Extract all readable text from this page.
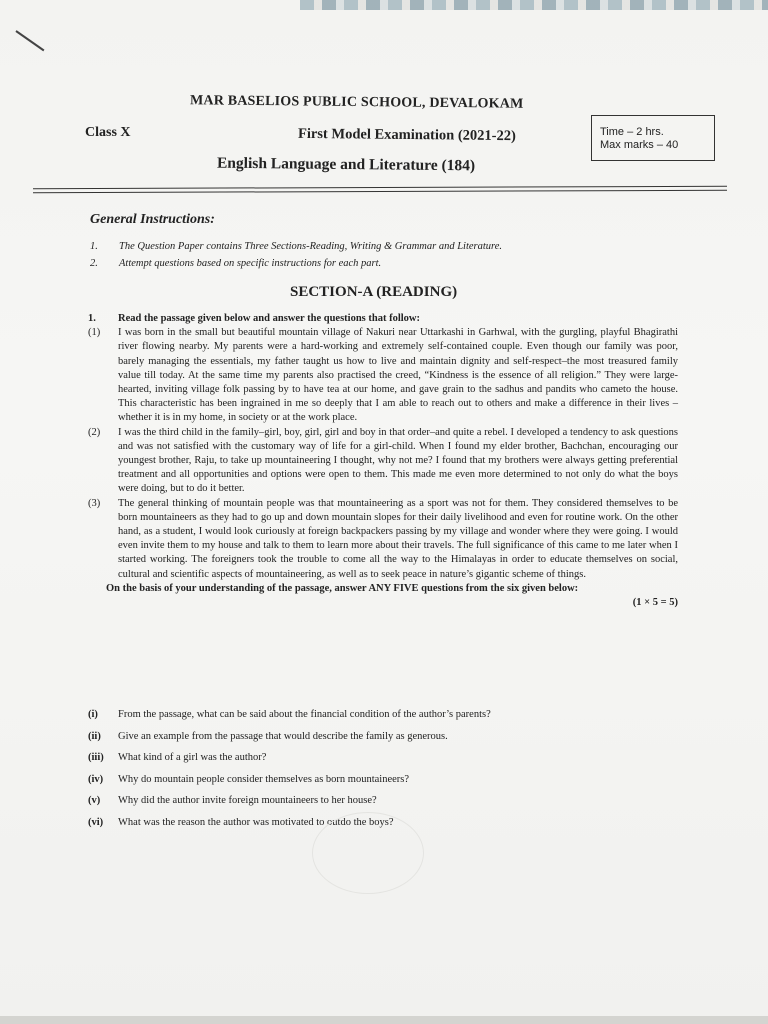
MAR BASELIOS PUBLIC SCHOOL, DEVALOKAM
Class X	First Model Examination (2021-22)	Time – 2 hrs.
Max marks – 40
English Language and Literature (184)
General Instructions:
1.	The Question Paper contains Three Sections-Reading, Writing & Grammar and Literature.
2.	Attempt questions based on specific instructions for each part.
SECTION-A (READING)
1.	Read the passage given below and answer the questions that follow:
(1)	I was born in the small but beautiful mountain village of Nakuri near Uttarkashi in Garhwal, with the gurgling, playful Bhagirathi river flowing nearby. My parents were a hard-working and extremely self-contained couple. Even though our family was poor, barely managing the essentials, my father taught us how to live and maintain dignity and self-respect–the most treasured family value till today. At the same time my parents also practised the creed, “Kindness is the essence of all religion.” They were large-hearted, inviting village folk passing by to have tea at our home, and gave grain to the sadhus and pandits who cameto the house. This characteristic has been ingrained in me so deeply that I am able to reach out to others and make a difference in their lives – whether it is in my home, in society or at the work place.
(2)	I was the third child in the family–girl, boy, girl, girl and boy in that order–and quite a rebel. I developed a tendency to ask questions and was not satisfied with the customary way of life for a girl-child. When I found my elder brother, Bachchan, encouraging our youngest brother, Raju, to take up mountaineering I thought, why not me? I found that my brothers were always getting preferential treatment and all opportunities and options were open to them. This made me even more determined to not only do what the boys were doing, but to do it better.
(3)	The general thinking of mountain people was that mountaineering as a sport was not for them. They considered themselves to be born mountaineers as they had to go up and down mountain slopes for their daily livelihood and even for routine work. On the other hand, as a student, I would look curiously at foreign backpackers passing by my village and wonder where they were going. I would even invite them to my house and talk to them to learn more about their travels. The full significance of this came to me later when I started working. The foreigners took the trouble to come all the way to the Himalayas in order to educate themselves on social, cultural and scientific aspects of mountaineering, as well as to seek peace in nature’s gigantic scheme of things.
On the basis of your understanding of the passage, answer ANY FIVE questions from the six given below:
(1 × 5 = 5)
(i)	From the passage, what can be said about the financial condition of the author’s parents?
(ii)	Give an example from the passage that would describe the family as generous.
(iii)	What kind of a girl was the author?
(iv)	Why do mountain people consider themselves as born mountaineers?
(v)	Why did the author invite foreign mountaineers to her house?
(vi)	What was the reason the author was motivated to outdo the boys?
